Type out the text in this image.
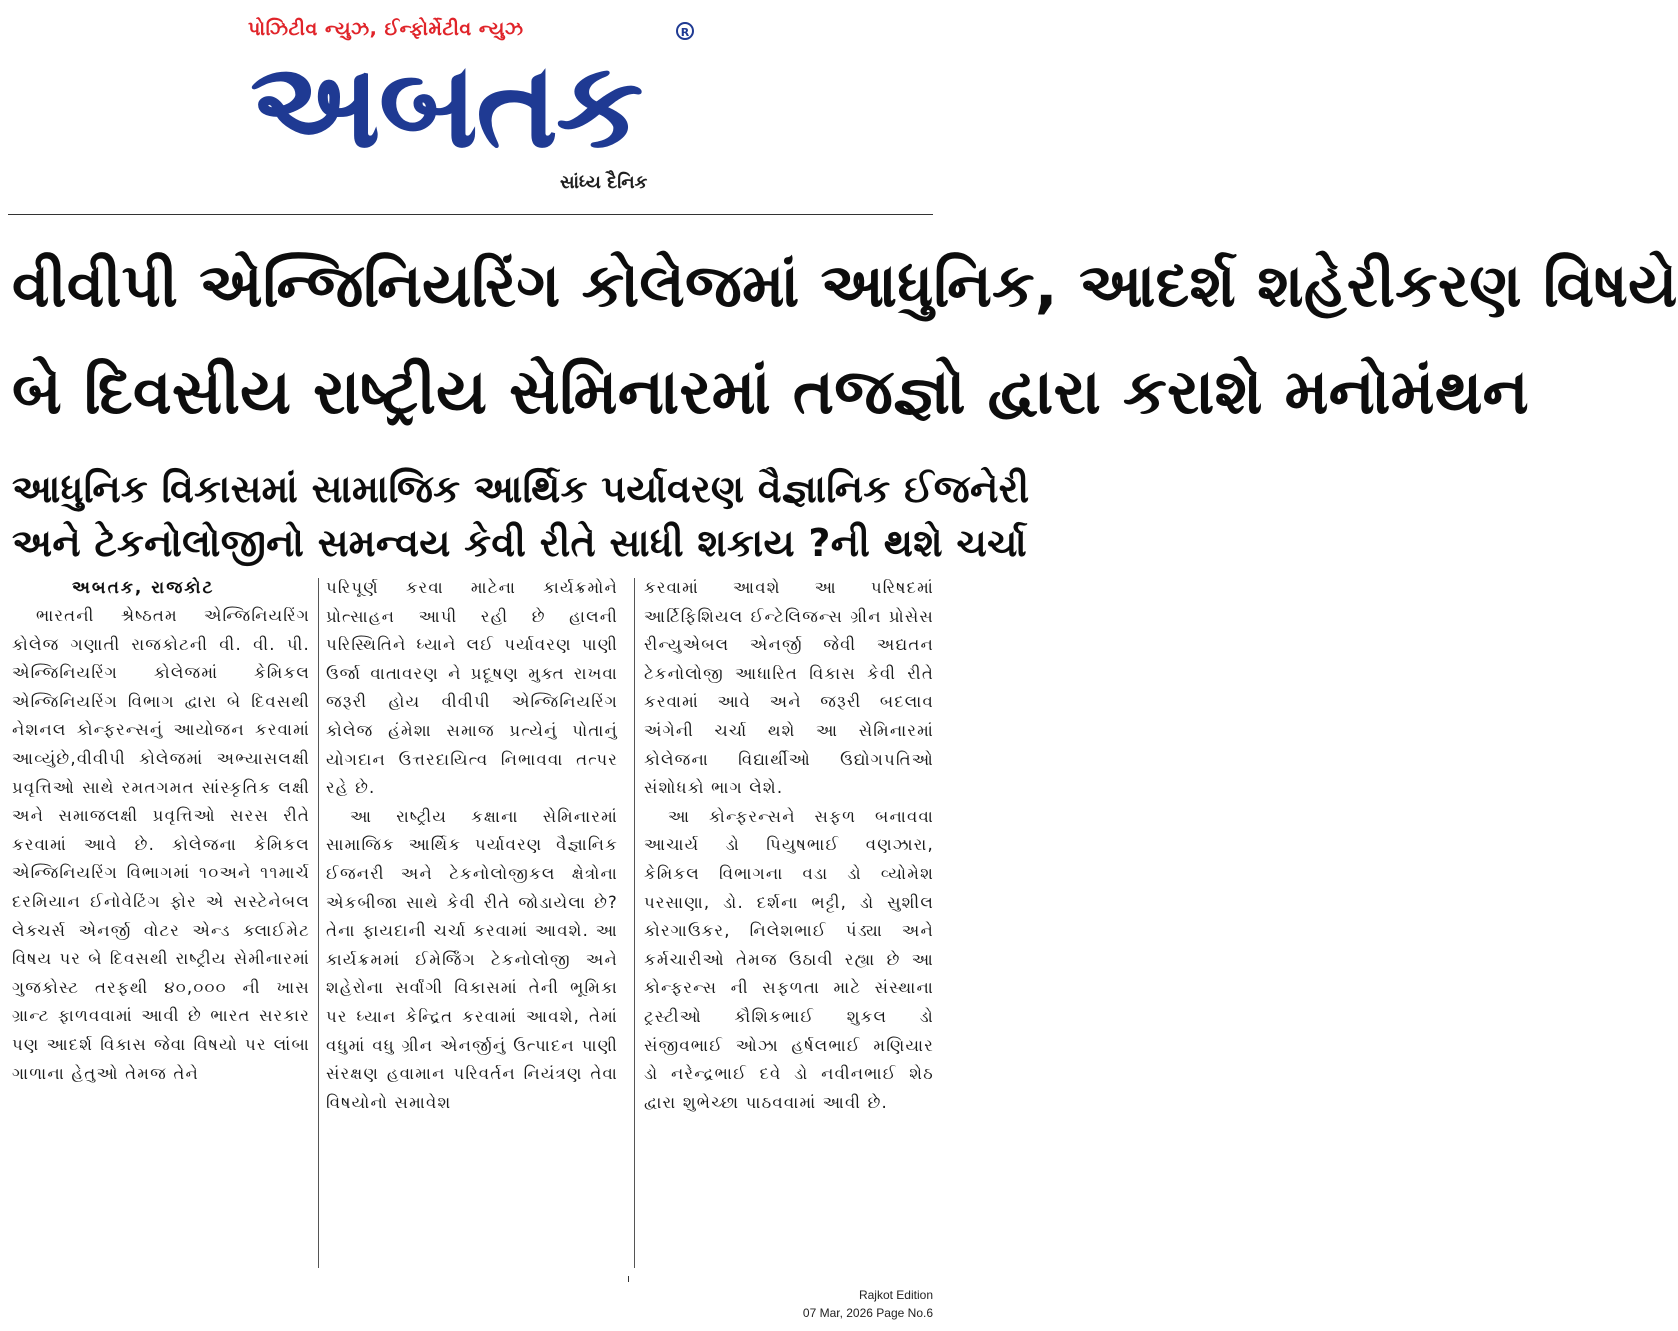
પોઝિટીવ ન્યુઝ, ઈન્ફોર્મેટીવ ન્યુઝ	R
અબતક
સાંધ્ય દૈનિક
વીવીપી એન્જિનિયરિંગ કોલેજમાં આધુનિક, આદર્શ શહેરીકરણ વિષયે
બે દિવસીય રાષ્ટ્રીય સેમિનારમાં તજજ્ઞો દ્વારા કરાશે મનોમંથન
આધુનિક વિકાસમાં સામાજિક આર્થિક પર્યાવરણ વૈજ્ઞાનિક ઈજનેરી
અને ટેકનોલોજીનો સમન્વય કેવી રીતે સાધી શકાય ?ની થશે ચર્ચા
અબતક, રાજકોટ

ભારતની શ્રેષ્ઠતમ એન્જિનિયરિંગ કોલેજ ગણાતી રાજકોટની વી. વી. પી. એન્જિનિયરિંગ કોલેજમાં કેમિકલ એન્જિનિયરિંગ વિભાગ દ્વારા બે દિવસથી નેશનલ કોન્ફરન્સનું આયોજન કરવામાં આવ્યુંછે,વીવીપી કોલેજમાં અભ્યાસલક્ષી પ્રવૃત્તિઓ સાથે રમતગમત સાંસ્કૃતિક લક્ષી અને સમાજલક્ષી પ્રવૃત્તિઓ સરસ રીતે કરવામાં આવે છે. કોલેજના કેમિકલ એન્જિનિયરિંગ વિભાગમાં ૧૦અને ૧૧માર્ચ દરમિયાન ઈનોવેટિંગ ફોર એ સસ્ટેનેબલ લેક્ચર્સ એનર્જી વોટર એન્ડ ક્લાઈમેટ વિષય પર બે દિવસથી રાષ્ટ્રીય સેમીનારમાં ગુજકોસ્ટ તરફથી ૪૦,૦૦૦ ની ખાસ ગ્રાન્ટ ફાળવવામાં આવી છે ભારત સરકાર પણ આદર્શ વિકાસ જેવા વિષયો પર લાંબા ગાળાના હેતુઓ તેમજ તેને

પરિપૂર્ણ કરવા માટેના કાર્યક્રમોને પ્રોત્સાહન આપી રહી છે હાલની પરિસ્થિતિને ધ્યાને લઈ પર્યાવરણ પાણી ઉર્જા વાતાવરણ ને પ્રદૂષણ મુક્ત રાખવા જરૂરી હોય વીવીપી એન્જિનિયરિંગ કોલેજ હંમેશા સમાજ પ્રત્યેનું પોતાનું યોગદાન ઉત્તરદાયિત્વ નિભાવવા તત્પર રહે છે.

આ રાષ્ટ્રીય કક્ષાના સેમિનારમાં સામાજિક આર્થિક પર્યાવરણ વૈજ્ઞાનિક ઈજનરી અને ટેકનોલોજીકલ ક્ષેત્રોના એકબીજા સાથે કેવી રીતે જોડાયેલા છે? તેના ફાયદાની ચર્ચા કરવામાં આવશે. આ કાર્યક્રમમાં ઈમેર્જિંગ ટેકનોલોજી અને શહેરોના સર્વાંગી વિકાસમાં તેની ભૂમિકા પર ધ્યાન કેન્દ્રિત કરવામાં આવશે, તેમાં વધુમાં વધુ ગ્રીન એનર્જીનું ઉત્પાદન પાણી સંરક્ષણ હવામાન પરિવર્તન નિયંત્રણ તેવા વિષયોનો સમાવેશ

કરવામાં આવશે આ પરિષદમાં આર્ટિફિશિયલ ઈન્ટેલિજન્સ ગ્રીન પ્રોસેસ રીન્યુએબલ એનર્જી જેવી અદ્યતન ટેકનોલોજી આધારિત વિકાસ કેવી રીતે કરવામાં આવે અને જરૂરી બદલાવ અંગેની ચર્ચા થશે આ સેમિનારમાં કોલેજના વિદ્યાર્થીઓ ઉદ્યોગપતિઓ સંશોધકો ભાગ લેશે.

આ કોન્ફરન્સને સફળ બનાવવા આચાર્ય ડો પિયુષભાઈ વણઝારા, કેમિકલ વિભાગના વડા ડો વ્યોમેશ પરસાણા, ડો. દર્શના ભટ્ટી, ડો સુશીલ કોરગાઉકર, નિલેશભાઈ પંડ્યા અને કર્મચારીઓ તેમજ ઉઠાવી રહ્યા છે આ કોન્ફરન્સ ની સફળતા માટે સંસ્થાના ટ્રસ્ટીઓ કૌશિકભાઈ શુકલ ડો સંજીવભાઈ ઓઝા હર્ષલભાઈ મણિયાર ડો નરેન્દ્રભાઈ દવે ડો નવીનભાઈ શેઠ દ્વારા શુભેચ્છા પાઠવવામાં આવી છે.

Rajkot Edition
07 Mar, 2026 Page No.6
